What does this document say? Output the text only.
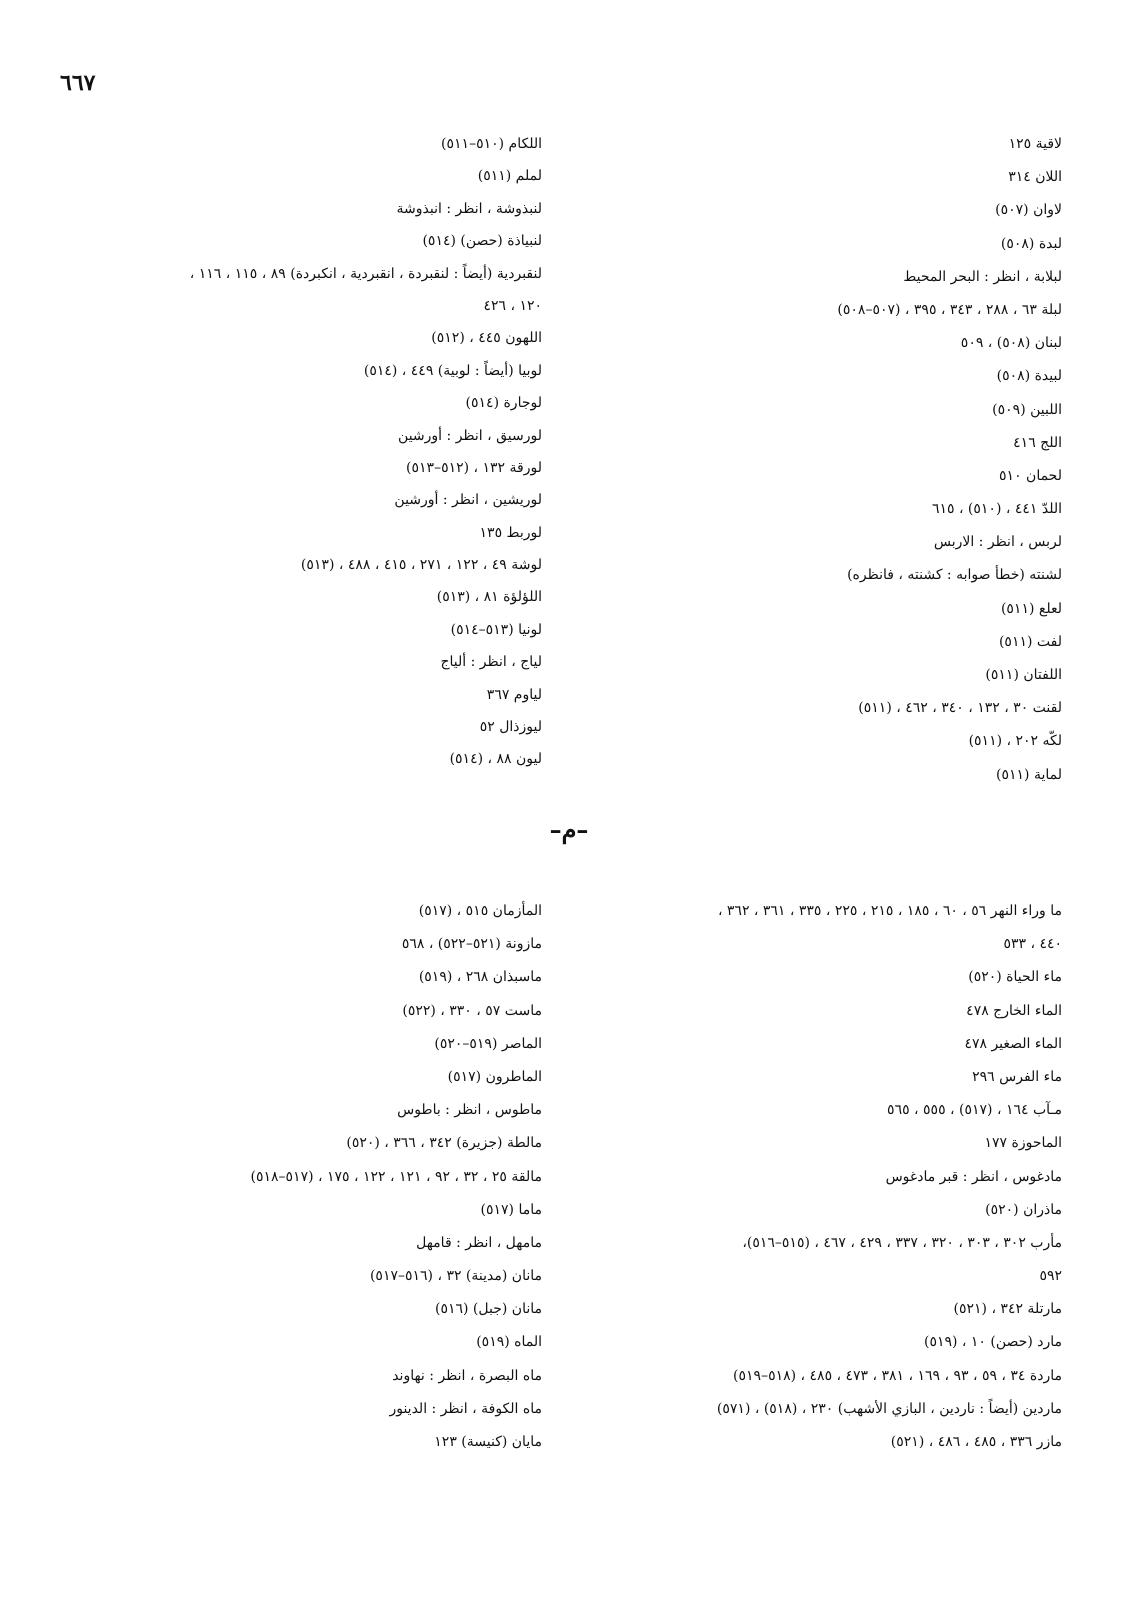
٦٦٧
لاقية ١٢٥
اللان ٣١٤
لاوان (٥٠٧)
لبدة (٥٠٨)
لبلابة ، انظر : البحر المحيط
لبلة ٦٣ ، ٢٨٨ ، ٣٤٣ ، ٣٩٥ ، (٥٠٧–٥٠٨)
لبنان (٥٠٨) ، ٥٠٩
لبيدة (٥٠٨)
اللبين (٥٠٩)
اللج ٤١٦
لحمان ٥١٠
اللدّ ٤٤١ ، (٥١٠) ، ٦١٥
لربس ، انظر : الاربس
لشنته (خطأ صوابه : كشنته ، فانظره)
لعلع (٥١١)
لفت (٥١١)
اللفتان (٥١١)
لقنت ٣٠ ، ١٣٢ ، ٣٤٠ ، ٤٦٢ ، (٥١١)
لكّه ٢٠٢ ، (٥١١)
لماية (٥١١)
اللكام (٥١٠–٥١١)
لملم (٥١١)
لنبذوشة ، انظر : انبذوشة
لنبياذة (حصن) (٥١٤)
لنقبردية (أيضاً : لنقبردة ، انقبردية ، انكبردة) ٨٩ ، ١١٥ ، ١١٦ ،
١٢٠ ، ٤٢٦
اللهون ٤٤٥ ، (٥١٢)
لوبيا (أيضاً : لوبية) ٤٤٩ ، (٥١٤)
لوجارة (٥١٤)
لورسيق ، انظر : أورشين
لورقة ١٣٢ ، (٥١٢–٥١٣)
لوريشين ، انظر : أورشين
لوربط ١٣٥
لوشة ٤٩ ، ١٢٢ ، ٢٧١ ، ٤١٥ ، ٤٨٨ ، (٥١٣)
اللؤلؤة ٨١ ، (٥١٣)
لونيا (٥١٣–٥١٤)
لياج ، انظر : ألياج
لياوم ٣٦٧
ليوزذال ٥٢
ليون ٨٨ ، (٥١٤)
–م–
ما وراء النهر ٥٦ ، ٦٠ ، ١٨٥ ، ٢١٥ ، ٢٢٥ ، ٣٣٥ ، ٣٦١ ، ٣٦٢ ،
٤٤٠ ، ٥٣٣
ماء الحياة (٥٢٠)
الماء الخارج ٤٧٨
الماء الصغير ٤٧٨
ماء الفرس ٢٩٦
مـآب ١٦٤ ، (٥١٧) ، ٥٥٥ ، ٥٦٥
الماحوزة ١٧٧
مادغوس ، انظر : قبر مادغوس
ماذران (٥٢٠)
مأرب ٣٠٢ ، ٣٠٣ ، ٣٢٠ ، ٣٣٧ ، ٤٢٩ ، ٤٦٧ ، (٥١٥–٥١٦)،
٥٩٢
مارتلة ٣٤٢ ، (٥٢١)
مارد (حصن) ١٠ ، (٥١٩)
ماردة ٣٤ ، ٥٩ ، ٩٣ ، ١٦٩ ، ٣٨١ ، ٤٧٣ ، ٤٨٥ ، (٥١٨–٥١٩)
ماردين (أيضاً : ناردين ، البازي الأشهب) ٢٣٠ ، (٥١٨) ، (٥٧١)
مازر ٣٣٦ ، ٤٨٥ ، ٤٨٦ ، (٥٢١)
المأزمان ٥١٥ ، (٥١٧)
مازونة (٥٢١–٥٢٢) ، ٥٦٨
ماسبذان ٢٦٨ ، (٥١٩)
ماست ٥٧ ، ٣٣٠ ، (٥٢٢)
الماصر (٥١٩–٥٢٠)
الماطرون (٥١٧)
ماطوس ، انظر : باطوس
مالطة (جزيرة) ٣٤٢ ، ٣٦٦ ، (٥٢٠)
مالقة ٢٥ ، ٣٢ ، ٩٢ ، ١٢١ ، ١٢٢ ، ١٧٥ ، (٥١٧–٥١٨)
ماما (٥١٧)
مامهل ، انظر : قامهل
مانان (مدينة) ٣٢ ، (٥١٦–٥١٧)
مانان (جبل) (٥١٦)
الماه (٥١٩)
ماه البصرة ، انظر : نهاوند
ماه الكوفة ، انظر : الدينور
مايان (كنيسة) ١٢٣
